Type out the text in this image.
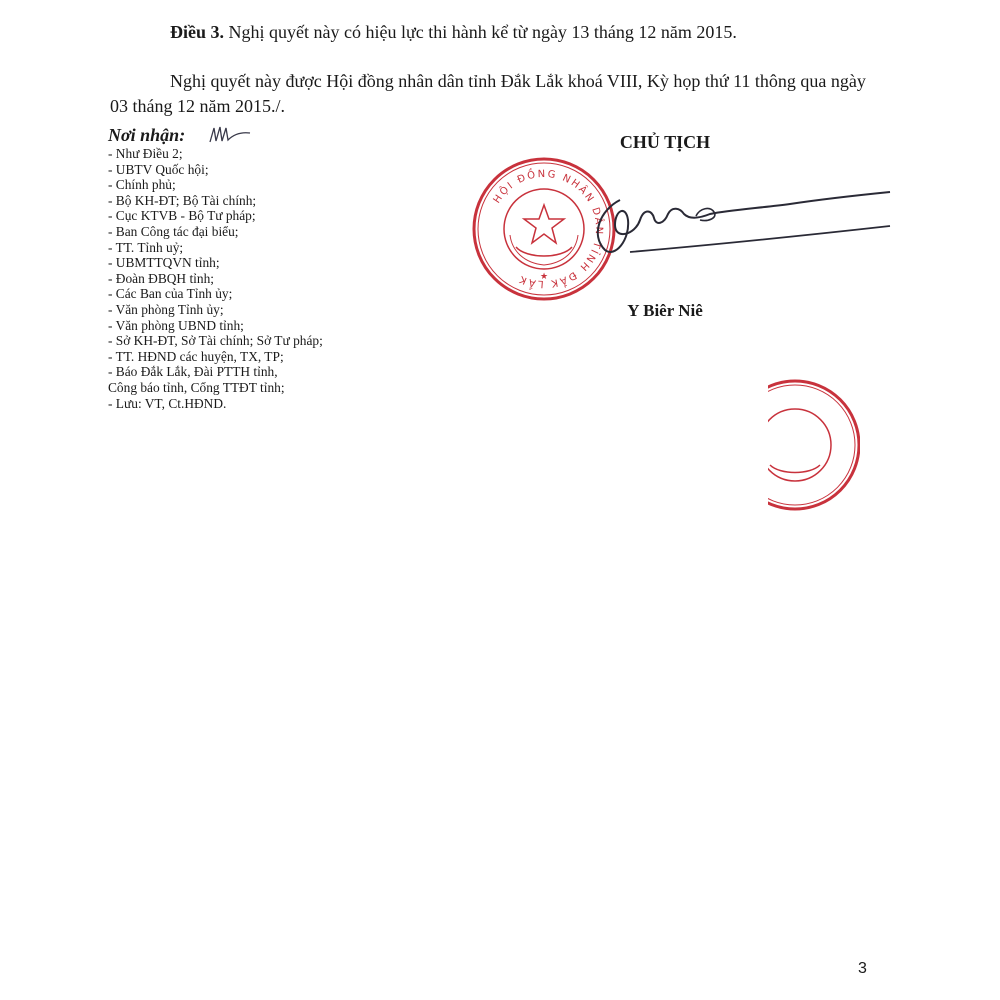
Điều 3. Nghị quyết này có hiệu lực thi hành kể từ ngày 13 tháng 12 năm 2015.

Nghị quyết này được Hội đồng nhân dân tỉnh Đắk Lắk khoá VIII, Kỳ họp thứ 11 thông qua ngày 03 tháng 12 năm 2015./.

Nơi nhận:
- Như Điều 2;
- UBTV Quốc hội;
- Chính phủ;
- Bộ KH-ĐT; Bộ Tài chính;
- Cục KTVB - Bộ Tư pháp;
- Ban Công tác đại biểu;
- TT. Tỉnh uỷ;
- UBMTTQVN tỉnh;
- Đoàn ĐBQH tỉnh;
- Các Ban của Tỉnh ủy;
- Văn phòng Tỉnh ủy;
- Văn phòng UBND tỉnh;
- Sở KH-ĐT, Sở Tài chính; Sở Tư pháp;
- TT. HĐND các huyện, TX, TP;
- Báo Đắk Lắk, Đài PTTH tỉnh,
Công báo tỉnh, Cổng TTĐT tỉnh;
- Lưu: VT, Ct.HĐND.
CHỦ TỊCH
HỘI ĐỒNG NHÂN DÂN TỈNH ĐẮK LẮK	★
Y Biêr Niê
3
